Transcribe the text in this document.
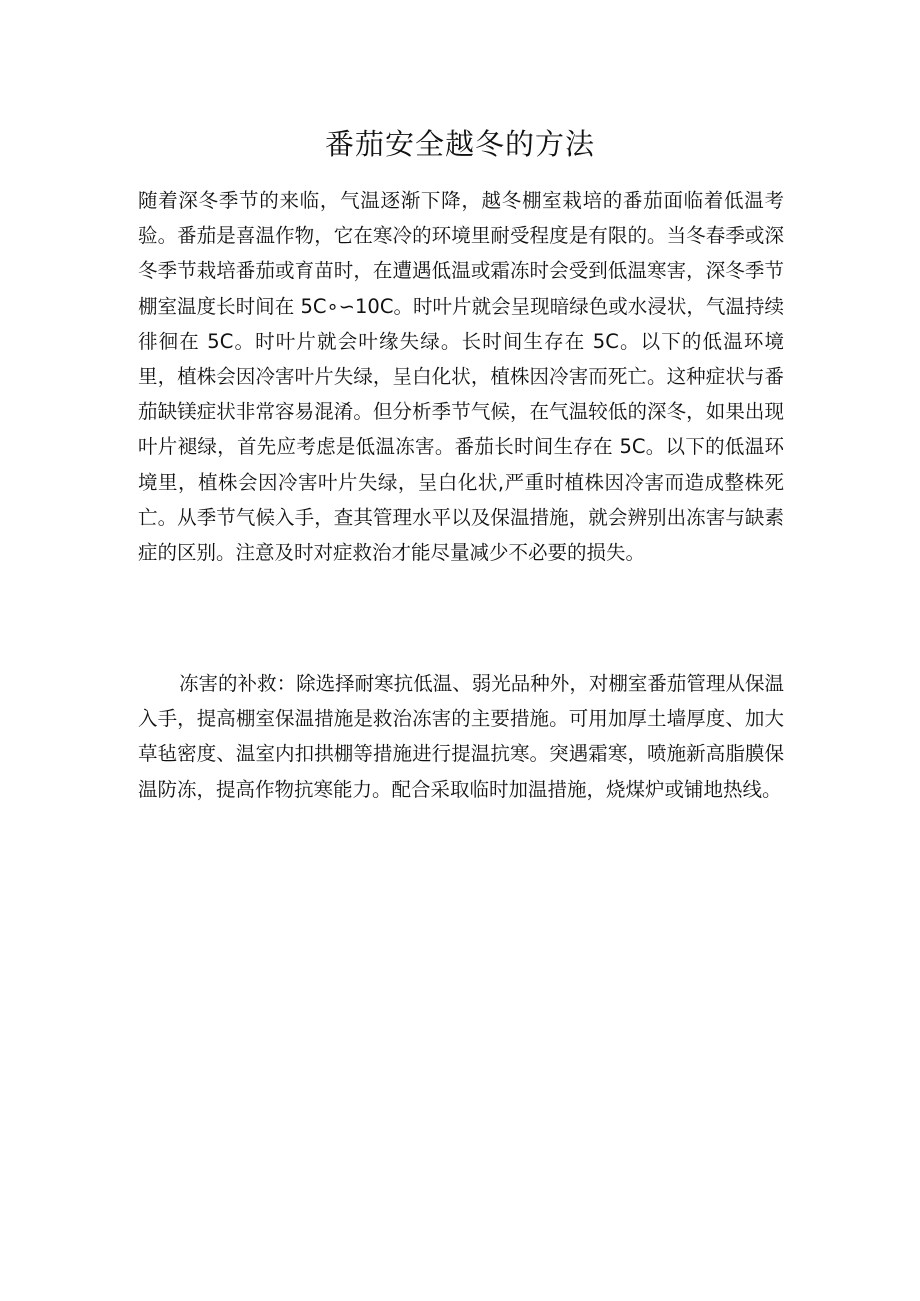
番茄安全越冬的方法

随着深冬季节的来临，气温逐渐下降，越冬棚室栽培的番茄面临着低温考验。番茄是喜温作物，它在寒冷的环境里耐受程度是有限的。当冬春季或深冬季节栽培番茄或育苗时，在遭遇低温或霜冻时会受到低温寒害，深冬季节棚室温度长时间在 5C∘∽10C。时叶片就会呈现暗绿色或水浸状，气温持续徘徊在 5C。时叶片就会叶缘失绿。长时间生存在 5C。以下的低温环境里，植株会因冷害叶片失绿，呈白化状，植株因冷害而死亡。这种症状与番茄缺镁症状非常容易混淆。但分析季节气候，在气温较低的深冬，如果出现叶片褪绿，首先应考虑是低温冻害。番茄长时间生存在 5C。以下的低温环境里，植株会因冷害叶片失绿，呈白化状,严重时植株因冷害而造成整株死亡。从季节气候入手，查其管理水平以及保温措施，就会辨别出冻害与缺素症的区别。注意及时对症救治才能尽量减少不必要的损失。

冻害的补救：除选择耐寒抗低温、弱光品种外，对棚室番茄管理从保温入手，提高棚室保温措施是救治冻害的主要措施。可用加厚土墙厚度、加大草毡密度、温室内扣拱棚等措施进行提温抗寒。突遇霜寒，喷施新高脂膜保温防冻，提高作物抗寒能力。配合采取临时加温措施，烧煤炉或铺地热线。
